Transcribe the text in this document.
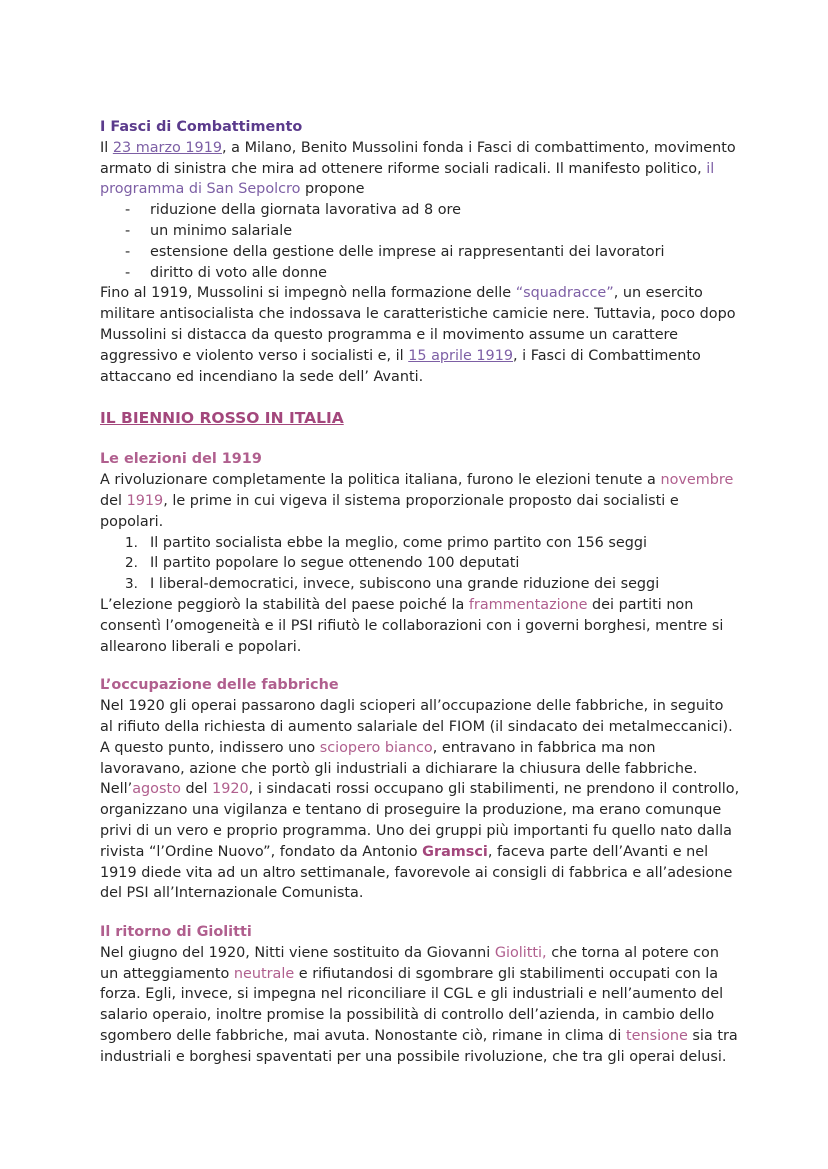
I Fasci di Combattimento

Il 23 marzo 1919, a Milano, Benito Mussolini fonda i Fasci di combattimento, movimento armato di sinistra che mira ad ottenere riforme sociali radicali. Il manifesto politico, il programma di San Sepolcro propone

- riduzione della giornata lavorativa ad 8 ore
- un minimo salariale
- estensione della gestione delle imprese ai rappresentanti dei lavoratori
- diritto di voto alle donne

Fino al 1919, Mussolini si impegnò nella formazione delle “squadracce”, un esercito militare antisocialista che indossava le caratteristiche camicie nere. Tuttavia, poco dopo Mussolini si distacca da questo programma e il movimento assume un carattere aggressivo e violento verso i socialisti e, il 15 aprile 1919, i Fasci di Combattimento attaccano ed incendiano la sede dell’ Avanti.

IL BIENNIO ROSSO IN ITALIA

Le elezioni del 1919

A rivoluzionare completamente la politica italiana, furono le elezioni tenute a novembre del 1919, le prime in cui vigeva il sistema proporzionale proposto dai socialisti e popolari.

1. Il partito socialista ebbe la meglio, come primo partito con 156 seggi
2. Il partito popolare lo segue ottenendo 100 deputati
3. I liberal-democratici, invece, subiscono una grande riduzione dei seggi

L’elezione peggiorò la stabilità del paese poiché la frammentazione dei partiti non consentì l’omogeneità e il PSI rifiutò le collaborazioni con i governi borghesi, mentre si allearono liberali e popolari.

L’occupazione delle fabbriche

Nel 1920 gli operai passarono dagli scioperi all’occupazione delle fabbriche, in seguito al rifiuto della richiesta di aumento salariale del FIOM (il sindacato dei metalmeccanici). A questo punto, indissero uno sciopero bianco, entravano in fabbrica ma non lavoravano, azione che portò gli industriali a dichiarare la chiusura delle fabbriche.

Nell’agosto del 1920, i sindacati rossi occupano gli stabilimenti, ne prendono il controllo, organizzano una vigilanza e tentano di proseguire la produzione, ma erano comunque privi di un vero e proprio programma. Uno dei gruppi più importanti fu quello nato dalla rivista “l’Ordine Nuovo”, fondato da Antonio Gramsci, faceva parte dell’Avanti e nel 1919 diede vita ad un altro settimanale, favorevole ai consigli di fabbrica e all’adesione del PSI all’Internazionale Comunista.

Il ritorno di Giolitti

Nel giugno del 1920, Nitti viene sostituito da Giovanni Giolitti, che torna al potere con un atteggiamento neutrale e rifiutandosi di sgombrare gli stabilimenti occupati con la forza. Egli, invece, si impegna nel riconciliare il CGL e gli industriali e nell’aumento del salario operaio, inoltre promise la possibilità di controllo dell’azienda, in cambio dello sgombero delle fabbriche, mai avuta. Nonostante ciò, rimane in clima di tensione sia tra industriali e borghesi spaventati per una possibile rivoluzione, che tra gli operai delusi.
